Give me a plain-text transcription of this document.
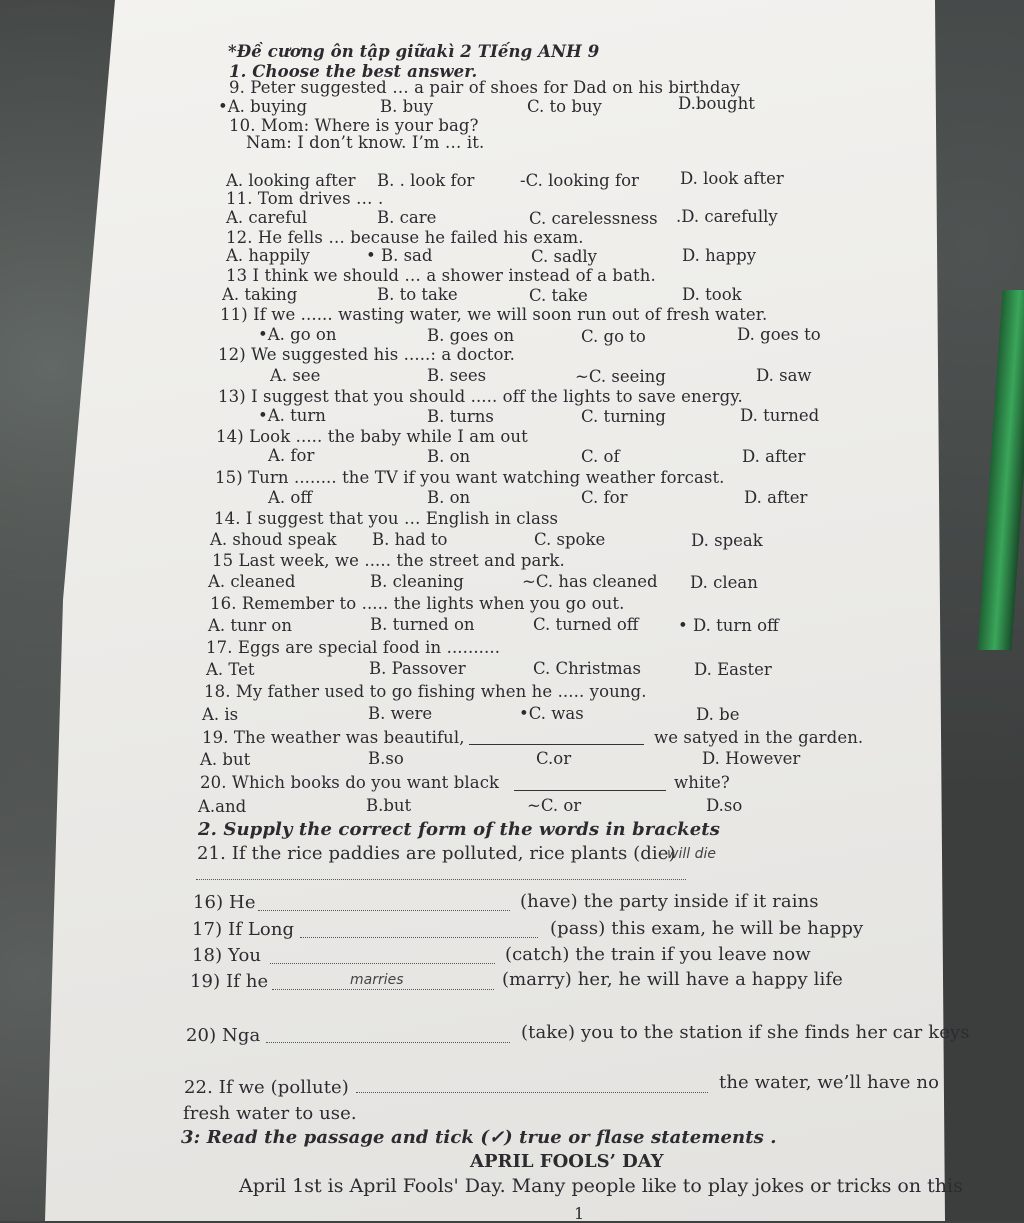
*Đề cương ôn tập giữakì 2 TIếng ANH 9
1. Choose the best answer.
9. Peter suggested … a pair of shoes for Dad on his birthday
•A. buying	B. buy	C. to buy	D.bought
10. Mom: Where is your bag?
Nam: I don’t know. I’m … it.
A. looking after B. . look for	-C. looking for D. look after
11. Tom drives … .
A. careful	B. care	C. carelessness .D. carefully
12. He fells … because he failed his exam.
A. happily	• B. sad	C. sadly	D. happy
13 I think we should … a shower instead of a bath.
A. taking	B. to take	C. take	D. took
11) If we ...... wasting water, we will soon run out of fresh water.
•A. go on	B. goes on	C. go to	D. goes to
12) We suggested his .....: a doctor.
A. see	B. sees	~C. seeing	D. saw
13) I suggest that you should ..... off the lights to save energy.
•A. turn	B. turns	C. turning	D. turned
14) Look ..... the baby while I am out
A. for	B. on	C. of	D. after
15) Turn ........ the TV if you want watching weather forcast.
A. off	B. on	C. for	D. after
14. I suggest that you … English in class
A. shoud speak B. had to	C. spoke	D. speak
15 Last week, we ..... the street and park.
A. cleaned	B. cleaning	~C. has cleaned D. clean
16. Remember to ..... the lights when you go out.
A. tunr on	B. turned on	C. turned off • D. turn off
17. Eggs are special food in ..........
A. Tet	B. Passover	C. Christmas	D. Easter
18. My father used to go fishing when he ..... young.
A. is	B. were	•C. was	D. be
19. The weather was beautiful,	we satyed in the garden.
A. but	B.so	C.or	D. However
20. Which books do you want black	white?
A.and	B.but	~C. or	D.so
2. Supply the correct form of the words in brackets
21. If the rice paddies are polluted, rice plants (die)
will die
16) He	(have) the party inside if it rains
17) If Long	(pass) this exam, he will be happy
18) You	(catch) the train if you leave now
19) If he	marries	(marry) her, he will have a happy life
20) Nga	(take) you to the station if she finds her car keys
22. If we (pollute)	the water, we’ll have no
fresh water to use.
3: Read the passage and tick (✓) true or flase statements .
APRIL FOOLS’ DAY
April 1st is April Fools' Day. Many people like to play jokes or tricks on this
1
